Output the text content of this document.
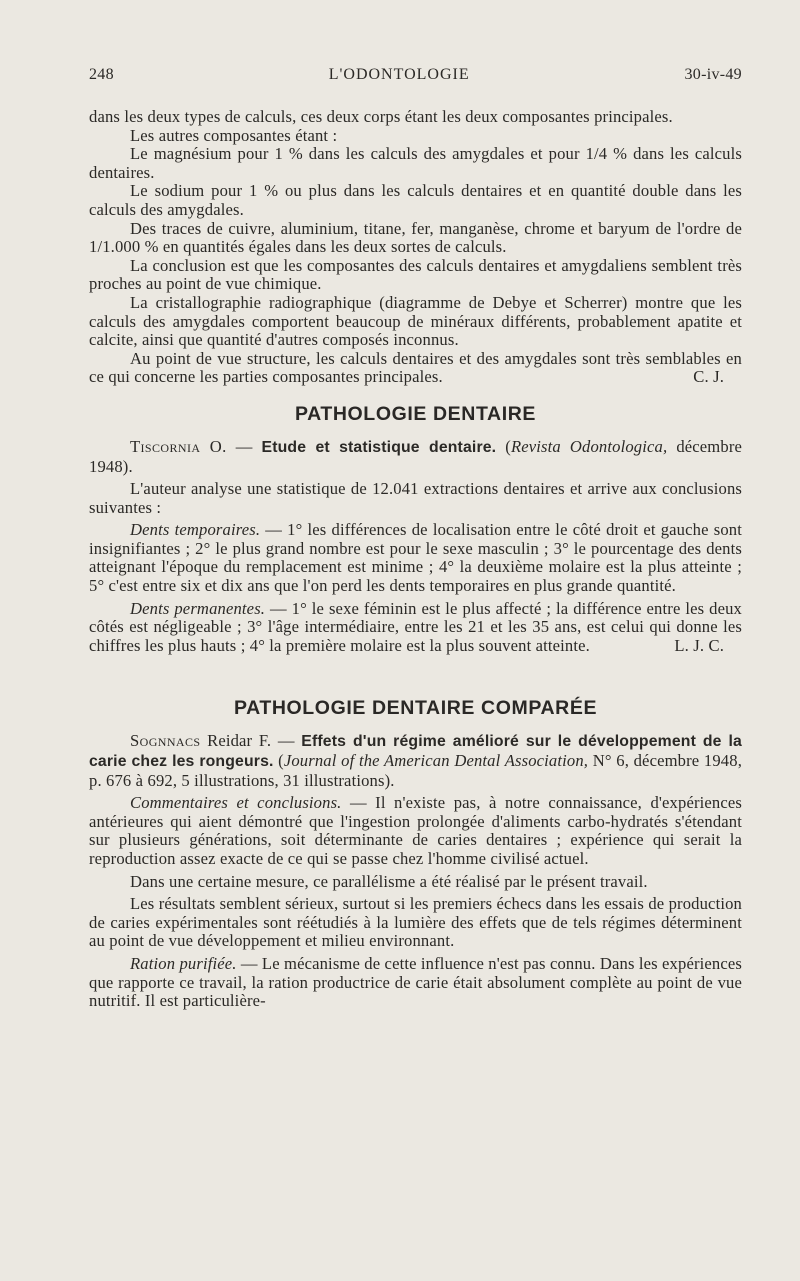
248	L'ODONTOLOGIE	30-iv-49

dans les deux types de calculs, ces deux corps étant les deux composantes principales.

Les autres composantes étant :

Le magnésium pour 1 % dans les calculs des amygdales et pour 1/4 % dans les calculs dentaires.

Le sodium pour 1 % ou plus dans les calculs dentaires et en quantité double dans les calculs des amygdales.

Des traces de cuivre, aluminium, titane, fer, manganèse, chrome et baryum de l'ordre de 1/1.000 % en quantités égales dans les deux sortes de calculs.

La conclusion est que les composantes des calculs dentaires et amygdaliens semblent très proches au point de vue chimique.

La cristallographie radiographique (diagramme de Debye et Scherrer) montre que les calculs des amygdales comportent beaucoup de minéraux différents, probablement apatite et calcite, ainsi que quantité d'autres composés inconnus.

Au point de vue structure, les calculs dentaires et des amygdales sont très semblables en ce qui concerne les parties composantes principales.	C. J.

PATHOLOGIE DENTAIRE

Tiscornia O. — Etude et statistique dentaire. (Revista Odontologica, décembre 1948).

L'auteur analyse une statistique de 12.041 extractions dentaires et arrive aux conclusions suivantes :

Dents temporaires. — 1° les différences de localisation entre le côté droit et gauche sont insignifiantes ; 2° le plus grand nombre est pour le sexe masculin ; 3° le pourcentage des dents atteignant l'époque du remplacement est minime ; 4° la deuxième molaire est la plus atteinte ; 5° c'est entre six et dix ans que l'on perd les dents temporaires en plus grande quantité.

Dents permanentes. — 1° le sexe féminin est le plus affecté ; la différence entre les deux côtés est négligeable ; 3° l'âge intermédiaire, entre les 21 et les 35 ans, est celui qui donne les chiffres les plus hauts ; 4° la première molaire est la plus souvent atteinte.	L. J. C.

PATHOLOGIE DENTAIRE COMPARÉE

Sognnacs Reidar F. — Effets d'un régime amélioré sur le développement de la carie chez les rongeurs. (Journal of the American Dental Association, N° 6, décembre 1948, p. 676 à 692, 5 illustrations, 31 illustrations).

Commentaires et conclusions. — Il n'existe pas, à notre connaissance, d'expériences antérieures qui aient démontré que l'ingestion prolongée d'aliments carbo-hydratés s'étendant sur plusieurs générations, soit déterminante de caries dentaires ; expérience qui serait la reproduction assez exacte de ce qui se passe chez l'homme civilisé actuel.

Dans une certaine mesure, ce parallélisme a été réalisé par le présent travail.

Les résultats semblent sérieux, surtout si les premiers échecs dans les essais de production de caries expérimentales sont réétudiés à la lumière des effets que de tels régimes déterminent au point de vue développement et milieu environnant.

Ration purifiée. — Le mécanisme de cette influence n'est pas connu. Dans les expériences que rapporte ce travail, la ration productrice de carie était absolument complète au point de vue nutritif. Il est particulière-
